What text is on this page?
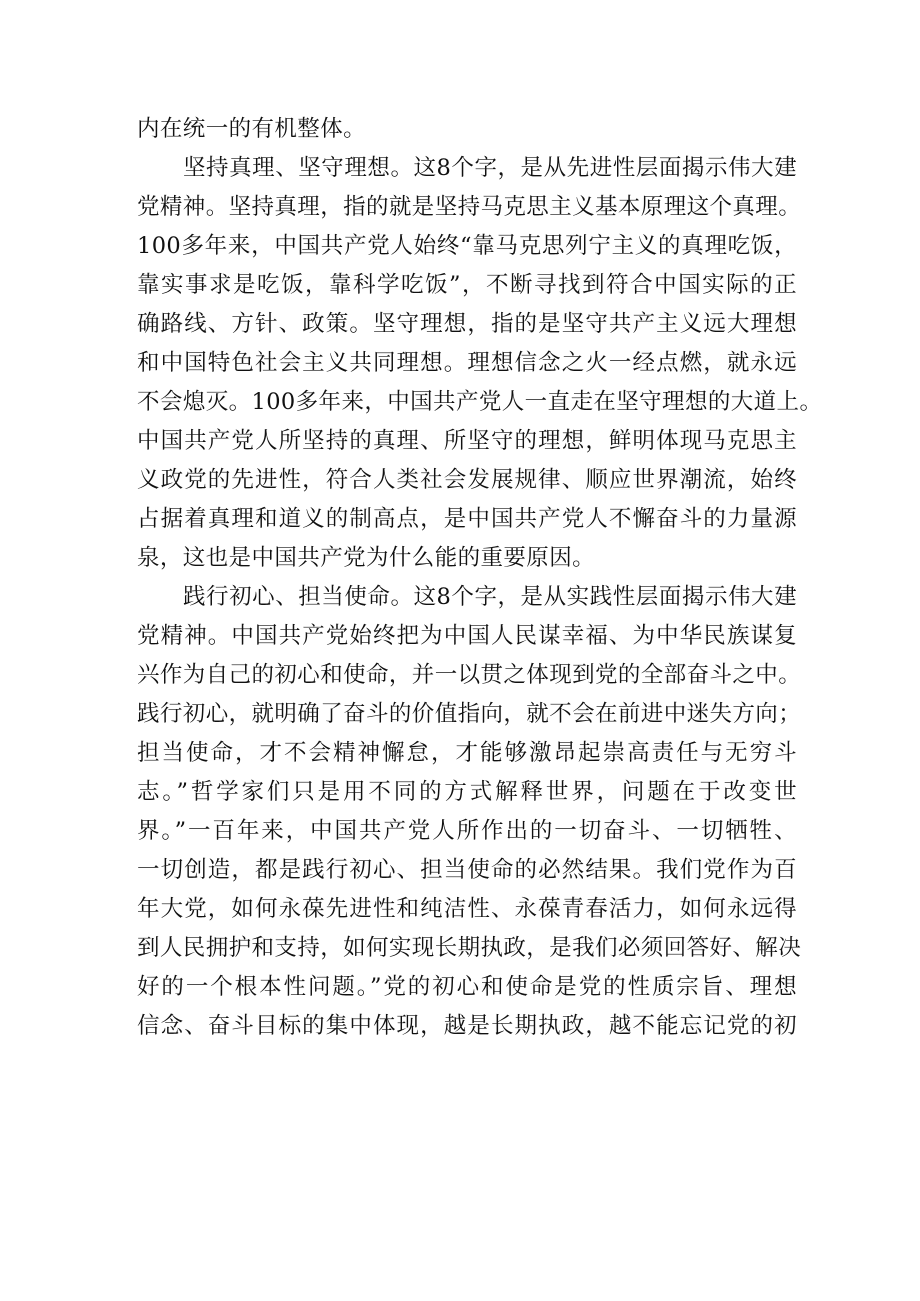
内在统一的有机整体。
坚持真理、坚守理想。这8个字，是从先进性层面揭示伟大建
党精神。坚持真理，指的就是坚持马克思主义基本原理这个真理。
100多年来，中国共产党人始终“靠马克思列宁主义的真理吃饭，
靠实事求是吃饭，靠科学吃饭”，不断寻找到符合中国实际的正
确路线、方针、政策。坚守理想，指的是坚守共产主义远大理想
和中国特色社会主义共同理想。理想信念之火一经点燃，就永远
不会熄灭。100多年来，中国共产党人一直走在坚守理想的大道上。
中国共产党人所坚持的真理、所坚守的理想，鲜明体现马克思主
义政党的先进性，符合人类社会发展规律、顺应世界潮流，始终
占据着真理和道义的制高点，是中国共产党人不懈奋斗的力量源
泉，这也是中国共产党为什么能的重要原因。
践行初心、担当使命。这8个字，是从实践性层面揭示伟大建
党精神。中国共产党始终把为中国人民谋幸福、为中华民族谋复
兴作为自己的初心和使命，并一以贯之体现到党的全部奋斗之中。
践行初心，就明确了奋斗的价值指向，就不会在前进中迷失方向；
担当使命，才不会精神懈怠，才能够激昂起崇高责任与无穷斗
志。”哲学家们只是用不同的方式解释世界，问题在于改变世
界。”一百年来，中国共产党人所作出的一切奋斗、一切牺牲、
一切创造，都是践行初心、担当使命的必然结果。我们党作为百
年大党，如何永葆先进性和纯洁性、永葆青春活力，如何永远得
到人民拥护和支持，如何实现长期执政，是我们必须回答好、解决
好的一个根本性问题。”党的初心和使命是党的性质宗旨、理想
信念、奋斗目标的集中体现，越是长期执政，越不能忘记党的初
